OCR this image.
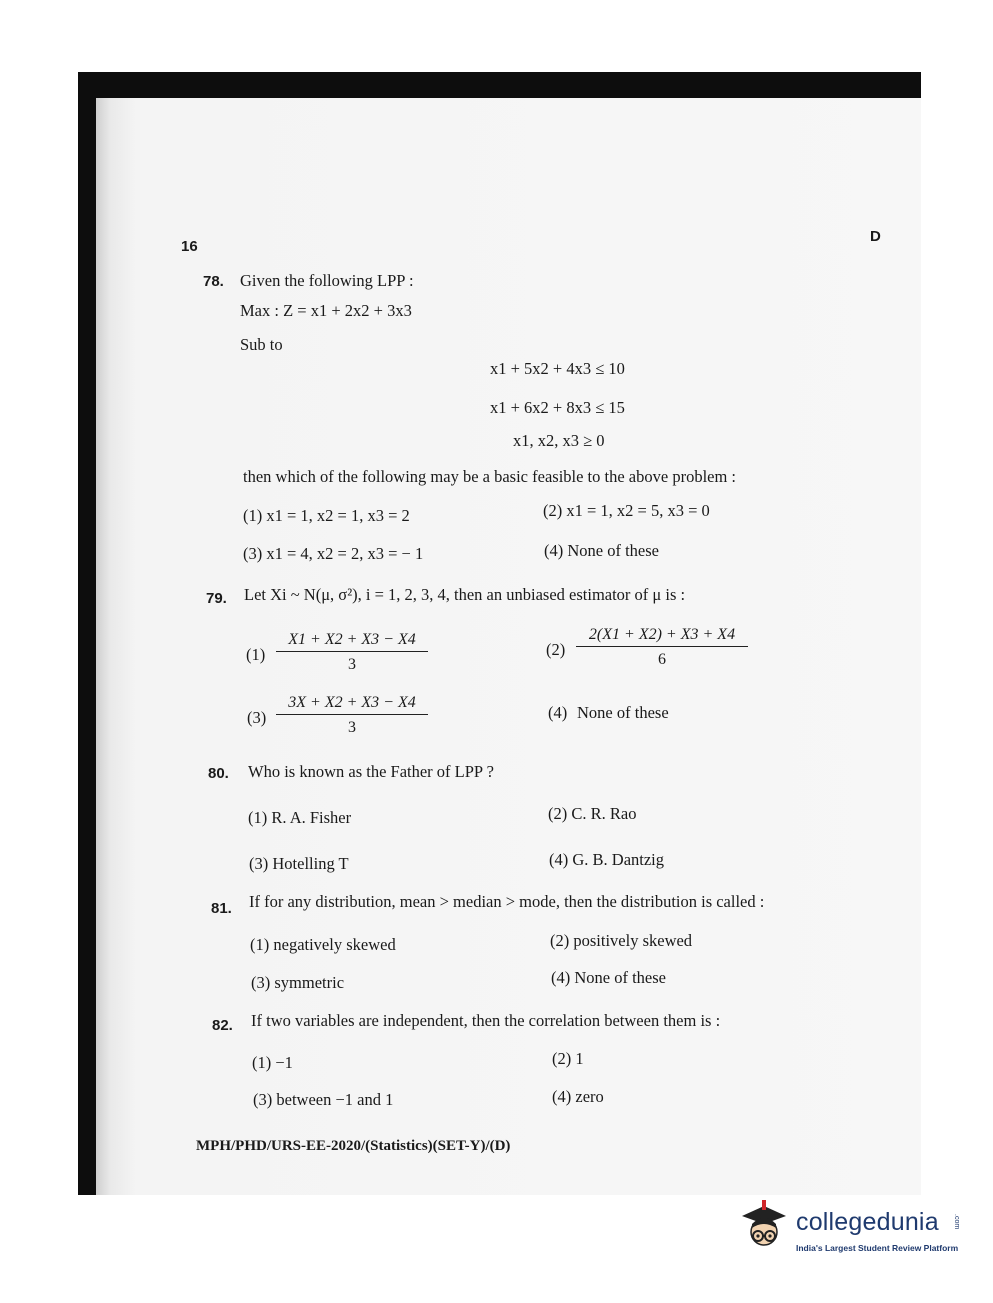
16
D
78. Given the following LPP :
Max : Z = x1 + 2x2 + 3x3
Sub to
x1 + 5x2 + 4x3 ≤ 10
x1 + 6x2 + 8x3 ≤ 15
x1, x2, x3 ≥ 0
then which of the following may be a basic feasible to the above problem :
(1) x1 = 1, x2 = 1, x3 = 2	(2) x1 = 1, x2 = 5, x3 = 0
(3) x1 = 4, x2 = 2, x3 = − 1	(4) None of these
79. Let Xi ~ N(μ, σ²), i = 1, 2, 3, 4, then an unbiased estimator of μ is :
$(1) \frac{X1 + X2 + X3 - X4}{3}$	$(2) \frac{2(X1 + X2) + X3 + X4}{6}$
$(3) \frac{3X + X2 + X3 - X4}{3}$	(4) None of these
80. Who is known as the Father of LPP ?
(1) R. A. Fisher	(2) C. R. Rao
(3) Hotelling T	(4) G. B. Dantzig
81. If for any distribution, mean > median > mode, then the distribution is called :
(1) negatively skewed	(2) positively skewed
(3) symmetric	(4) None of these
82. If two variables are independent, then the correlation between them is :
(1) −1	(2) 1
(3) between −1 and 1	(4) zero
MPH/PHD/URS-EE-2020/(Statistics)(SET-Y)/(D)
collegedunia .com
India's Largest Student Review Platform
